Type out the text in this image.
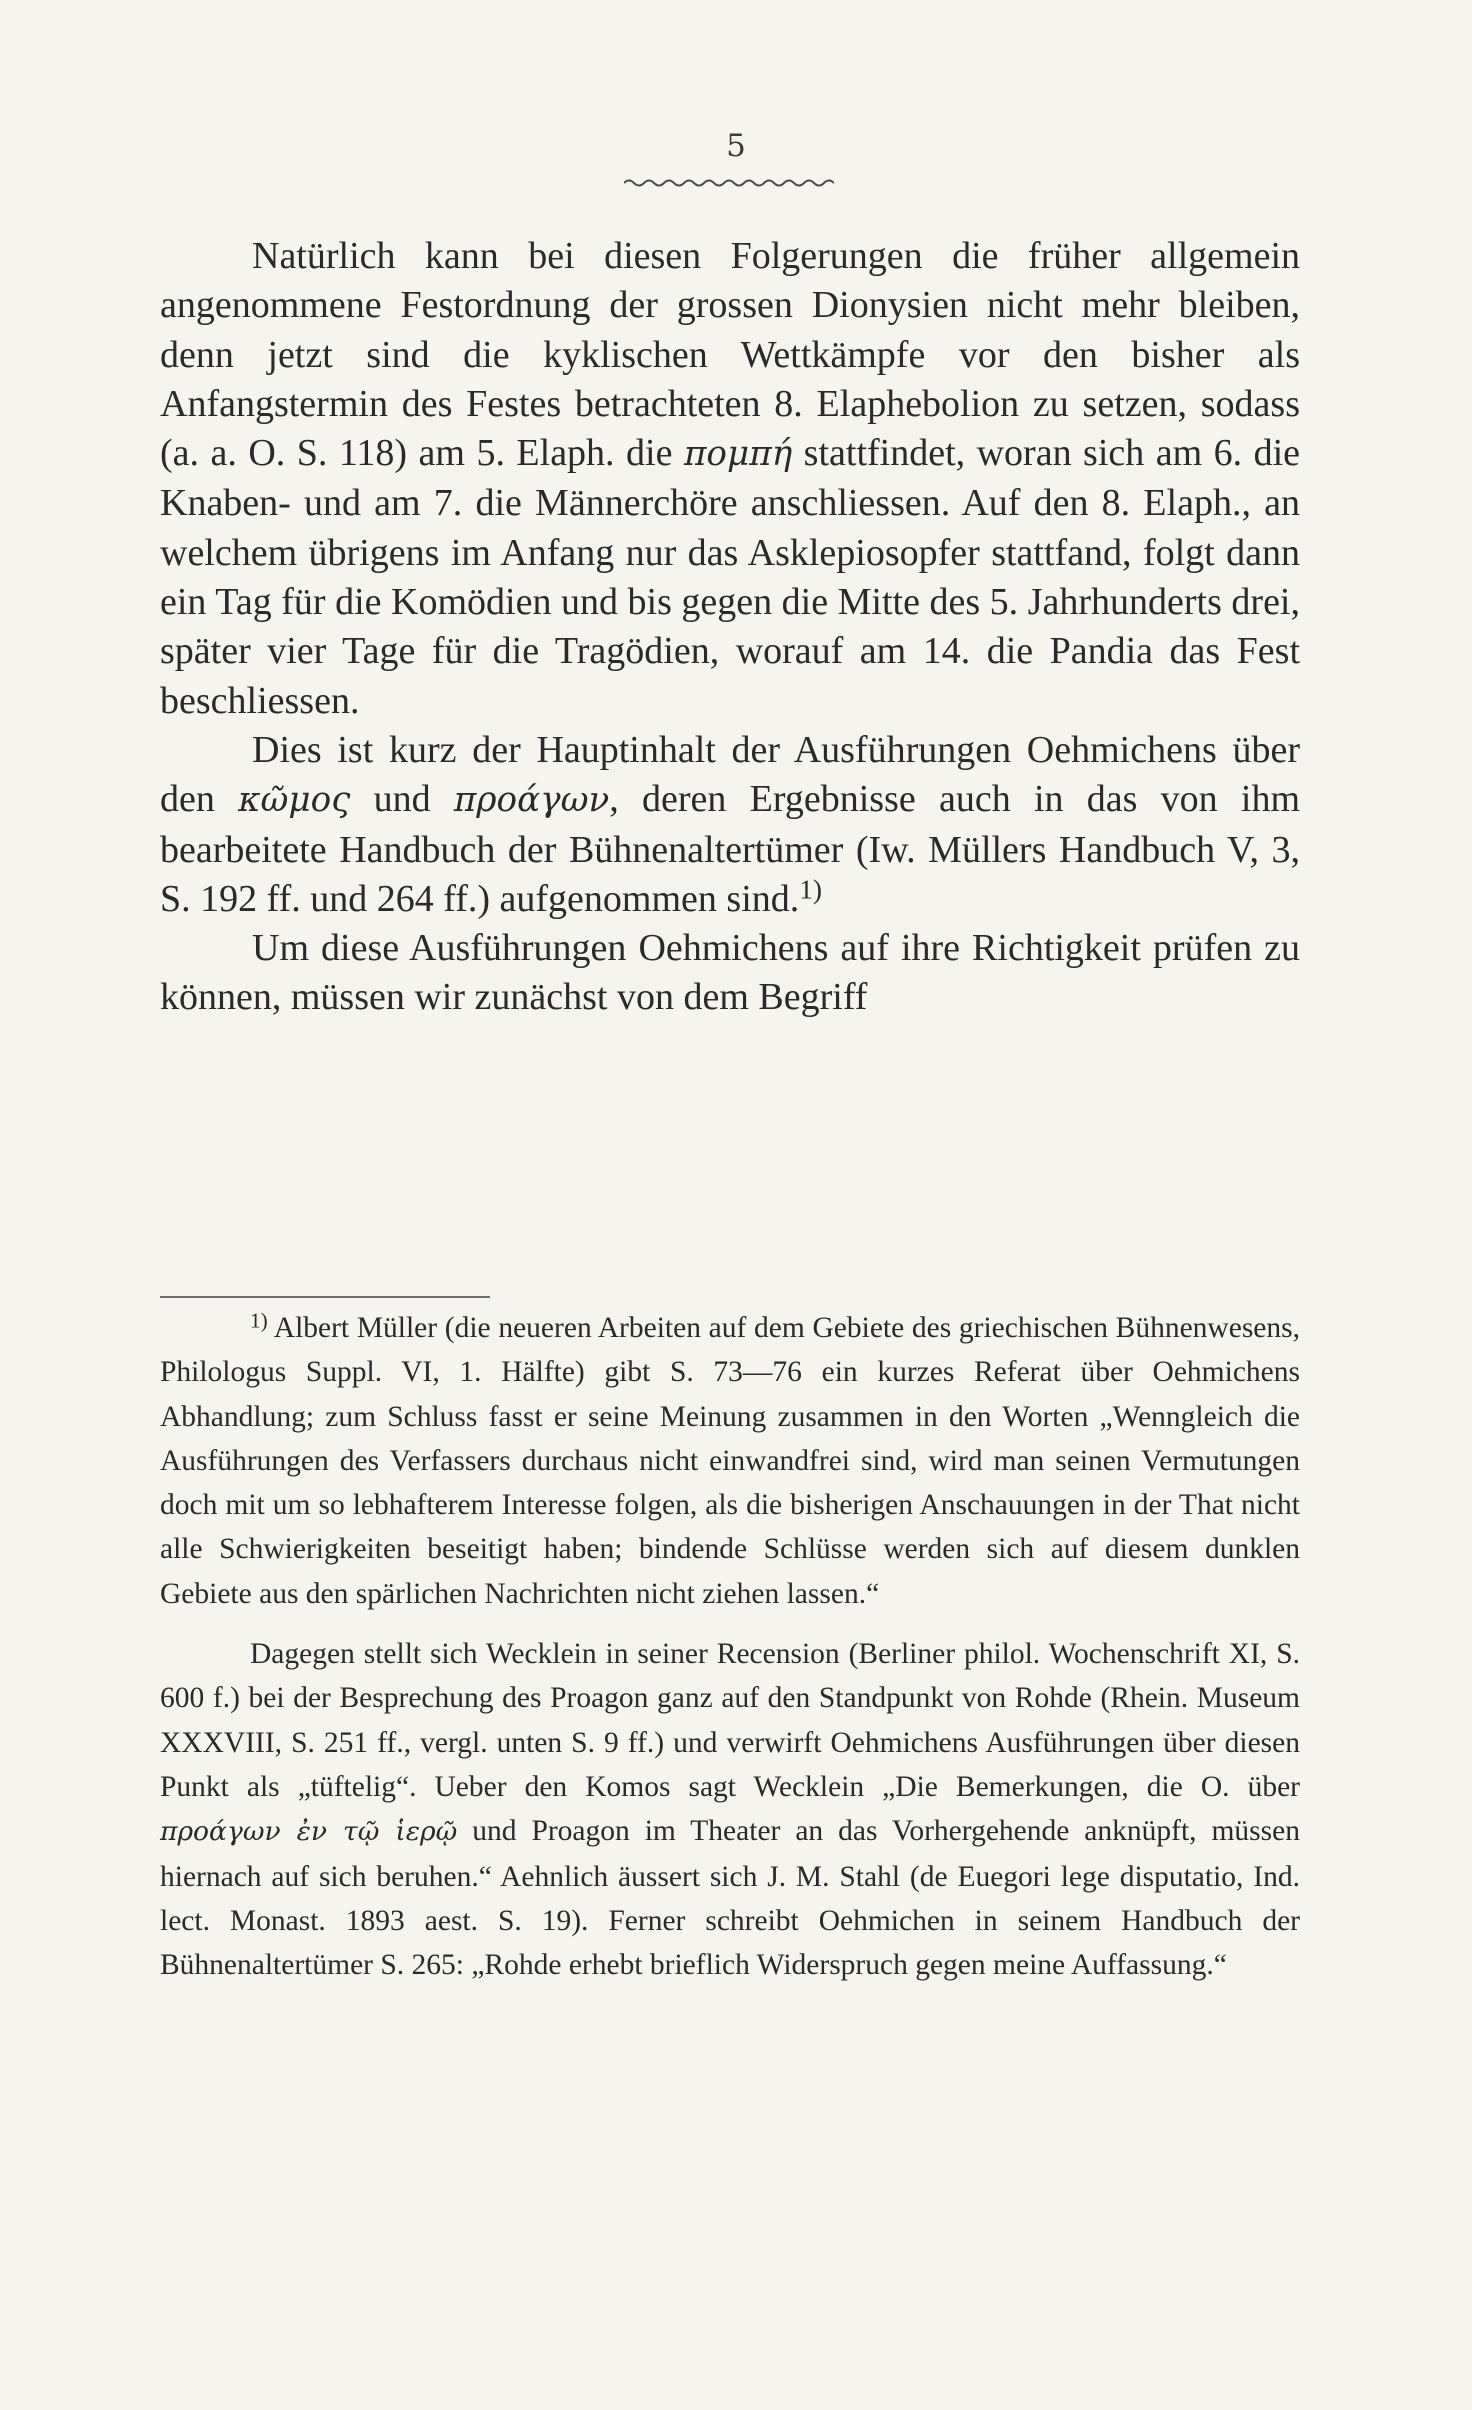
5

Natürlich kann bei diesen Folgerungen die früher allgemein angenommene Festordnung der grossen Dionysien nicht mehr bleiben, denn jetzt sind die kyklischen Wettkämpfe vor den bisher als Anfangstermin des Festes betrachteten 8. Elaphebolion zu setzen, sodass (a. a. O. S. 118) am 5. Elaph. die πομπή stattfindet, woran sich am 6. die Knaben- und am 7. die Männerchöre anschliessen. Auf den 8. Elaph., an welchem übrigens im Anfang nur das Asklepiosopfer stattfand, folgt dann ein Tag für die Komödien und bis gegen die Mitte des 5. Jahrhunderts drei, später vier Tage für die Tragödien, worauf am 14. die Pandia das Fest beschliessen.

Dies ist kurz der Hauptinhalt der Ausführungen Oehmichens über den κῶμος und προάγων, deren Ergebnisse auch in das von ihm bearbeitete Handbuch der Bühnenaltertümer (Iw. Müllers Handbuch V, 3, S. 192 ff. und 264 ff.) aufgenommen sind.$^{1)}$

Um diese Ausführungen Oehmichens auf ihre Richtigkeit prüfen zu können, müssen wir zunächst von dem Begriff

$^{1)}$ Albert Müller (die neueren Arbeiten auf dem Gebiete des griechischen Bühnenwesens, Philologus Suppl. VI, 1. Hälfte) gibt S. 73—76 ein kurzes Referat über Oehmichens Abhandlung; zum Schluss fasst er seine Meinung zusammen in den Worten „Wenngleich die Ausführungen des Verfassers durchaus nicht einwandfrei sind, wird man seinen Vermutungen doch mit um so lebhafterem Interesse folgen, als die bisherigen Anschauungen in der That nicht alle Schwierigkeiten beseitigt haben; bindende Schlüsse werden sich auf diesem dunklen Gebiete aus den spärlichen Nachrichten nicht ziehen lassen.“

Dagegen stellt sich Wecklein in seiner Recension (Berliner philol. Wochenschrift XI, S. 600 f.) bei der Besprechung des Proagon ganz auf den Standpunkt von Rohde (Rhein. Museum XXXVIII, S. 251 ff., vergl. unten S. 9 ff.) und verwirft Oehmichens Ausführungen über diesen Punkt als „tüftelig“. Ueber den Komos sagt Wecklein „Die Bemerkungen, die O. über προάγων ἐν τῷ ἱερῷ und Proagon im Theater an das Vorhergehende anknüpft, müssen hiernach auf sich beruhen.“ Aehnlich äussert sich J. M. Stahl (de Euegori lege disputatio, Ind. lect. Monast. 1893 aest. S. 19). Ferner schreibt Oehmichen in seinem Handbuch der Bühnenaltertümer S. 265: „Rohde erhebt brieflich Widerspruch gegen meine Auffassung.“
